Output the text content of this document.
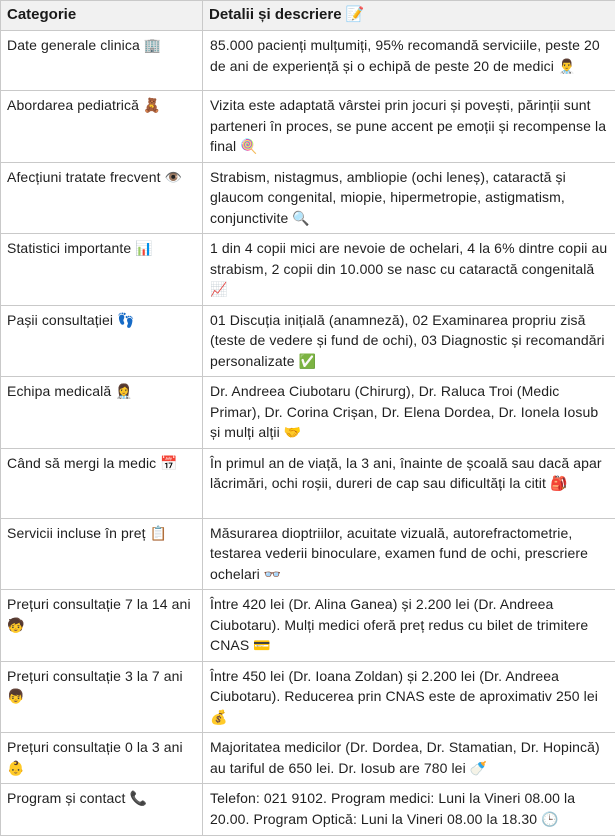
Categorie	Detalii și descriere 📝
Date generale clinica 🏢	85.000 pacienți mulțumiți, 95% recomandă serviciile, peste 20 de ani de experiență și o echipă de peste 20 de medici 👨‍⚕️
Abordarea pediatrică 🧸	Vizita este adaptată vârstei prin jocuri și povești, părinții sunt parteneri în proces, se pune accent pe emoții și recompense la final 🍭
Afecțiuni tratate frecvent 👁️	Strabism, nistagmus, ambliopie (ochi leneș), cataractă și glaucom congenital, miopie, hipermetropie, astigmatism, conjunctivite 🔍
Statistici importante 📊	1 din 4 copii mici are nevoie de ochelari, 4 la 6% dintre copii au strabism, 2 copii din 10.000 se nasc cu cataractă congenitală 📈
Pașii consultației 👣	01 Discuția inițială (anamneză), 02 Examinarea propriu zisă (teste de vedere și fund de ochi), 03 Diagnostic și recomandări personalizate ✅
Echipa medicală 👩‍⚕️	Dr. Andreea Ciubotaru (Chirurg), Dr. Raluca Troi (Medic Primar), Dr. Corina Crișan, Dr. Elena Dordea, Dr. Ionela Iosub și mulți alții 🤝
Când să mergi la medic 📅	În primul an de viață, la 3 ani, înainte de școală sau dacă apar lăcrimări, ochi roșii, dureri de cap sau dificultăți la citit 🎒
Servicii incluse în preț 📋	Măsurarea dioptriilor, acuitate vizuală, autorefractometrie, testarea vederii binoculare, examen fund de ochi, prescriere ochelari 👓
Prețuri consultație 7 la 14 ani 🧒	Între 420 lei (Dr. Alina Ganea) și 2.200 lei (Dr. Andreea Ciubotaru). Mulți medici oferă preț redus cu bilet de trimitere CNAS 💳
Prețuri consultație 3 la 7 ani 👦	Între 450 lei (Dr. Ioana Zoldan) și 2.200 lei (Dr. Andreea Ciubotaru). Reducerea prin CNAS este de aproximativ 250 lei 💰
Prețuri consultație 0 la 3 ani 👶	Majoritatea medicilor (Dr. Dordea, Dr. Stamatian, Dr. Hopincă) au tariful de 650 lei. Dr. Iosub are 780 lei 🍼
Program și contact 📞	Telefon: 021 9102. Program medici: Luni la Vineri 08.00 la 20.00. Program Optică: Luni la Vineri 08.00 la 18.30 🕒
